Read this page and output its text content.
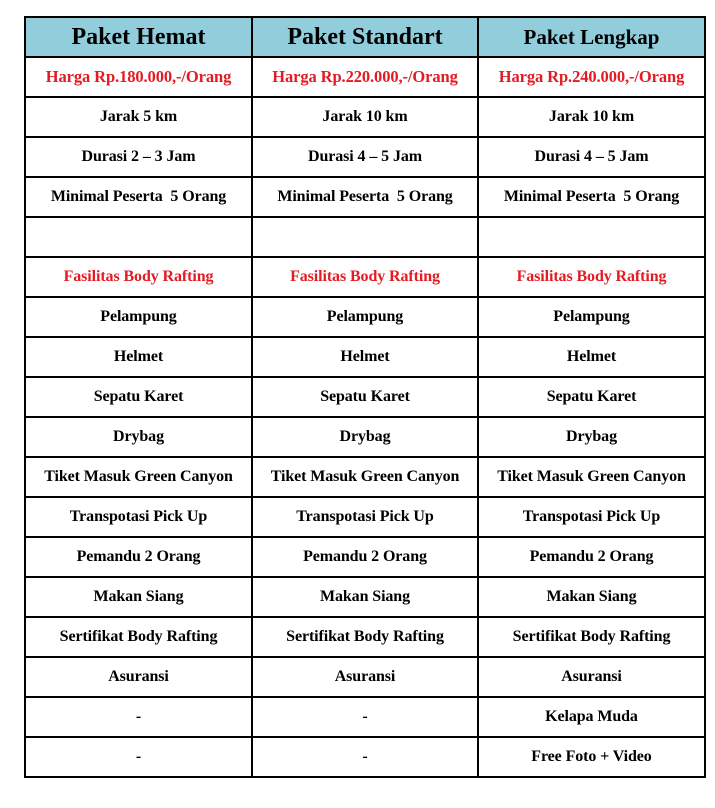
Paket Hemat	Paket Standart	Paket Lengkap
Harga Rp.180.000,-/Orang	Harga Rp.220.000,-/Orang	Harga Rp.240.000,-/Orang
Jarak 5 km	Jarak 10 km	Jarak 10 km
Durasi 2 – 3 Jam	Durasi 4 – 5 Jam	Durasi 4 – 5 Jam
Minimal Peserta  5 Orang	Minimal Peserta  5 Orang	Minimal Peserta  5 Orang

Fasilitas Body Rafting	Fasilitas Body Rafting	Fasilitas Body Rafting
Pelampung	Pelampung	Pelampung
Helmet	Helmet	Helmet
Sepatu Karet	Sepatu Karet	Sepatu Karet
Drybag	Drybag	Drybag
Tiket Masuk Green Canyon	Tiket Masuk Green Canyon	Tiket Masuk Green Canyon
Transpotasi Pick Up	Transpotasi Pick Up	Transpotasi Pick Up
Pemandu 2 Orang	Pemandu 2 Orang	Pemandu 2 Orang
Makan Siang	Makan Siang	Makan Siang
Sertifikat Body Rafting	Sertifikat Body Rafting	Sertifikat Body Rafting
Asuransi	Asuransi	Asuransi
-	-	Kelapa Muda
-	-	Free Foto + Video
